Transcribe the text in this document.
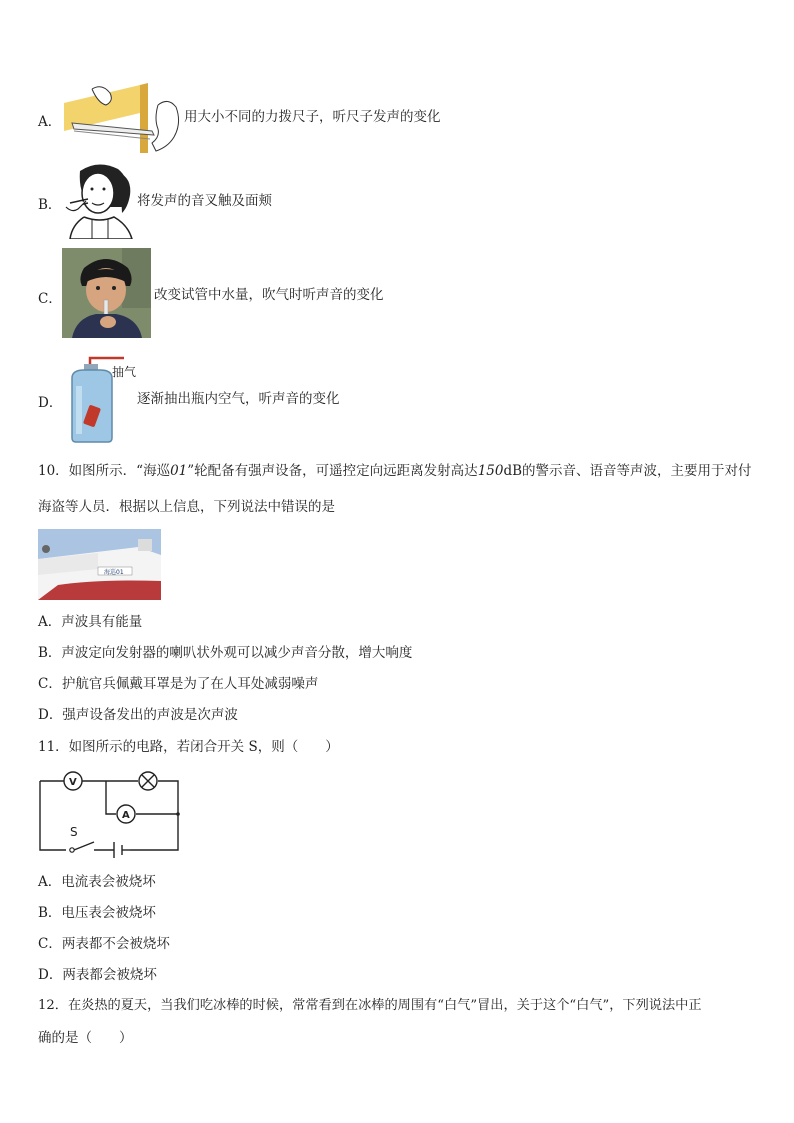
A．	用大小不同的力拨尺子，听尺子发声的变化
B．	将发声的音叉触及面颊
C．	改变试管中水量，吹气时听声音的变化
D．
抽气
逐渐抽出瓶内空气，听声音的变化
10．如图所示．“海巡01”轮配备有强声设备，可遥控定向远距离发射高达150dB的警示音、语音等声波，主要用于对付
海盗等人员．根据以上信息，下列说法中错误的是
海巡01
A．声波具有能量
B．声波定向发射器的喇叭状外观可以减少声音分散，增大响度
C．护航官兵佩戴耳罩是为了在人耳处减弱噪声
D．强声设备发出的声波是次声波
11．如图所示的电路，若闭合开关 S，则（　　）
V
A
S
A．电流表会被烧坏
B．电压表会被烧坏
C．两表都不会被烧坏
D．两表都会被烧坏
12．在炎热的夏天，当我们吃冰棒的时候，常常看到在冰棒的周围有“白气”冒出，关于这个“白气”，下列说法中正
确的是（　　）
